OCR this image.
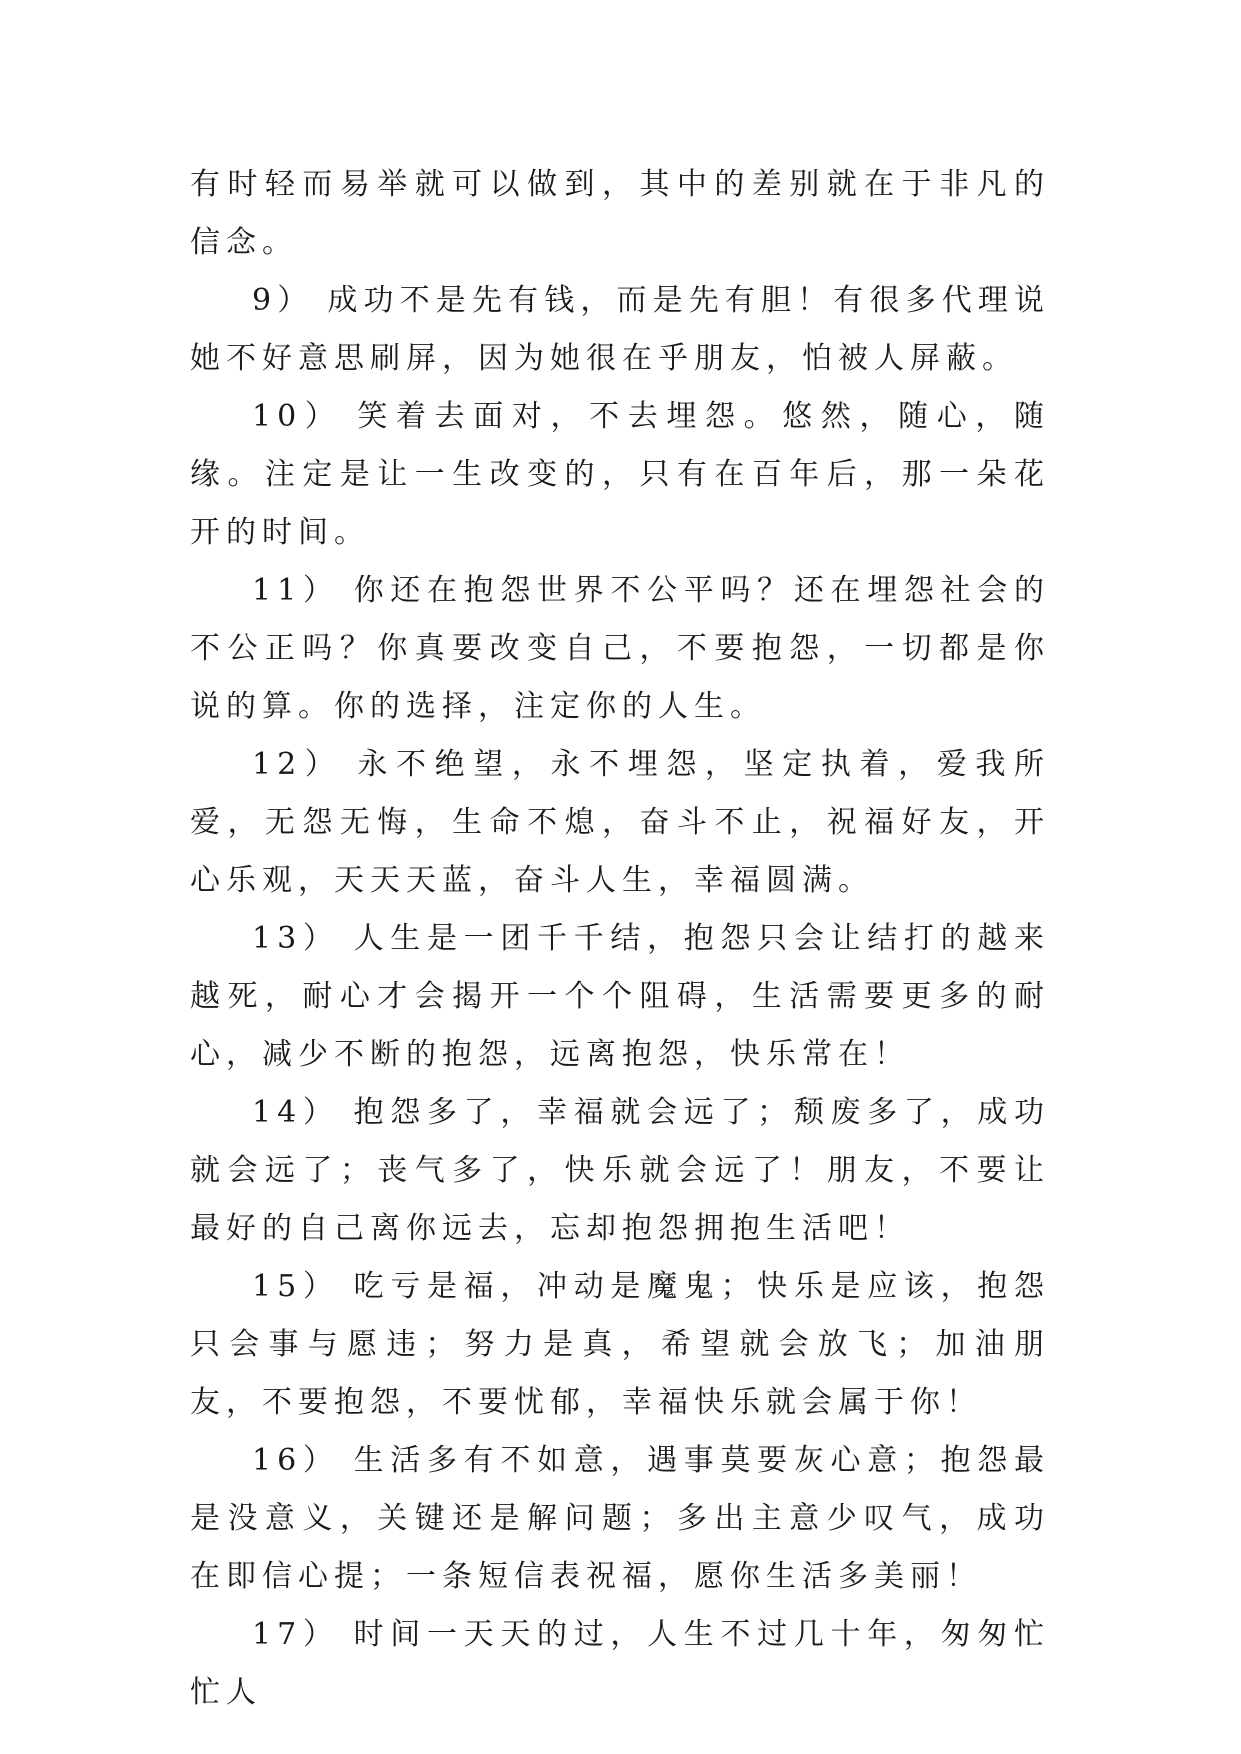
有时轻而易举就可以做到，其中的差别就在于非凡的信念。

9） 成功不是先有钱，而是先有胆！有很多代理说她不好意思刷屏，因为她很在乎朋友，怕被人屏蔽。

10） 笑着去面对，不去埋怨。悠然，随心，随缘。注定是让一生改变的，只有在百年后，那一朵花开的时间。

11） 你还在抱怨世界不公平吗？还在埋怨社会的不公正吗？你真要改变自己，不要抱怨，一切都是你说的算。你的选择，注定你的人生。

12） 永不绝望，永不埋怨，坚定执着，爱我所爱，无怨无悔，生命不熄，奋斗不止，祝福好友，开心乐观，天天天蓝，奋斗人生，幸福圆满。

13） 人生是一团千千结，抱怨只会让结打的越来越死，耐心才会揭开一个个阻碍，生活需要更多的耐心，减少不断的抱怨，远离抱怨，快乐常在！

14） 抱怨多了，幸福就会远了；颓废多了，成功就会远了；丧气多了，快乐就会远了！朋友，不要让最好的自己离你远去，忘却抱怨拥抱生活吧！

15） 吃亏是福，冲动是魔鬼；快乐是应该，抱怨只会事与愿违；努力是真，希望就会放飞；加油朋友，不要抱怨，不要忧郁，幸福快乐就会属于你！

16） 生活多有不如意，遇事莫要灰心意；抱怨最是没意义，关键还是解问题；多出主意少叹气，成功在即信心提；一条短信表祝福，愿你生活多美丽！

17） 时间一天天的过，人生不过几十年，匆匆忙忙人
